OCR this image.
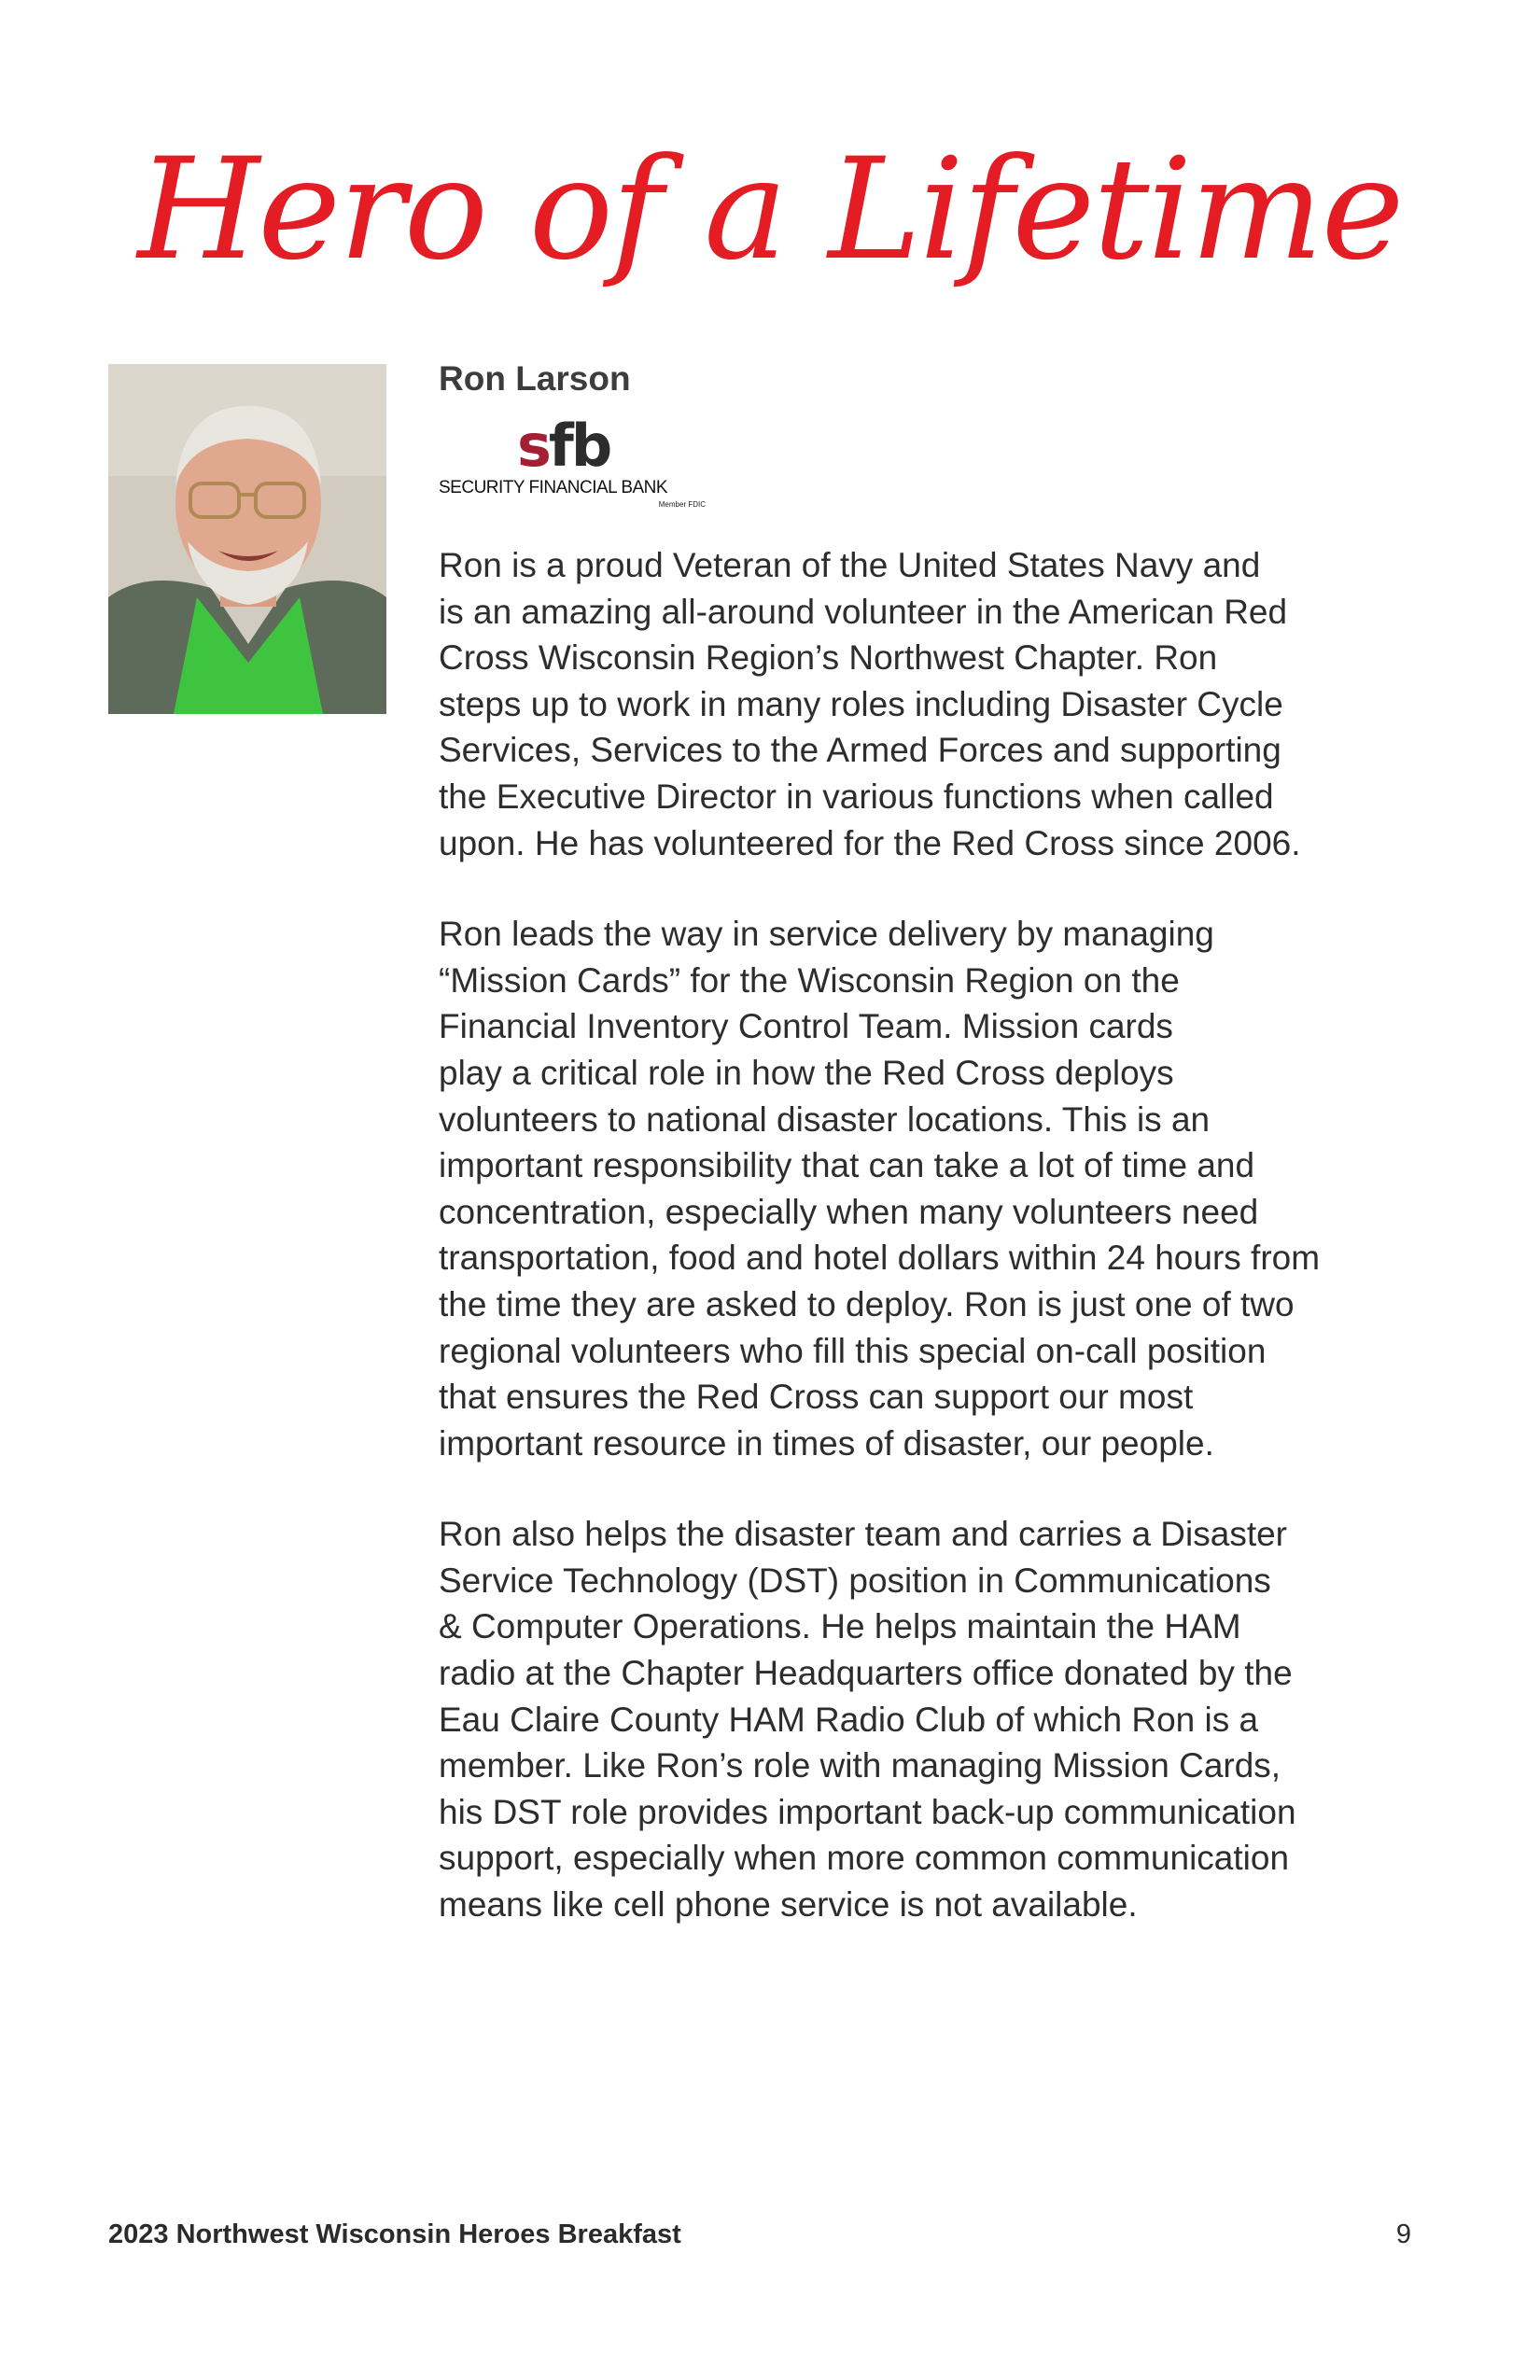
Hero of a Lifetime
Ron Larson
sfb
SECURITY FINANCIAL BANK
Member FDIC

Ron is a proud Veteran of the United States Navy and
is an amazing all-around volunteer in the American Red
Cross Wisconsin Region’s Northwest Chapter. Ron
steps up to work in many roles including Disaster Cycle
Services, Services to the Armed Forces and supporting
the Executive Director in various functions when called
upon. He has volunteered for the Red Cross since 2006.

Ron leads the way in service delivery by managing
“Mission Cards” for the Wisconsin Region on the
Financial Inventory Control Team. Mission cards
play a critical role in how the Red Cross deploys
volunteers to national disaster locations. This is an
important responsibility that can take a lot of time and
concentration, especially when many volunteers need
transportation, food and hotel dollars within 24 hours from
the time they are asked to deploy. Ron is just one of two
regional volunteers who fill this special on-call position
that ensures the Red Cross can support our most
important resource in times of disaster, our people.

Ron also helps the disaster team and carries a Disaster
Service Technology (DST) position in Communications
& Computer Operations. He helps maintain the HAM
radio at the Chapter Headquarters office donated by the
Eau Claire County HAM Radio Club of which Ron is a
member. Like Ron’s role with managing Mission Cards,
his DST role provides important back-up communication
support, especially when more common communication
means like cell phone service is not available.

2023 Northwest Wisconsin Heroes Breakfast	9
